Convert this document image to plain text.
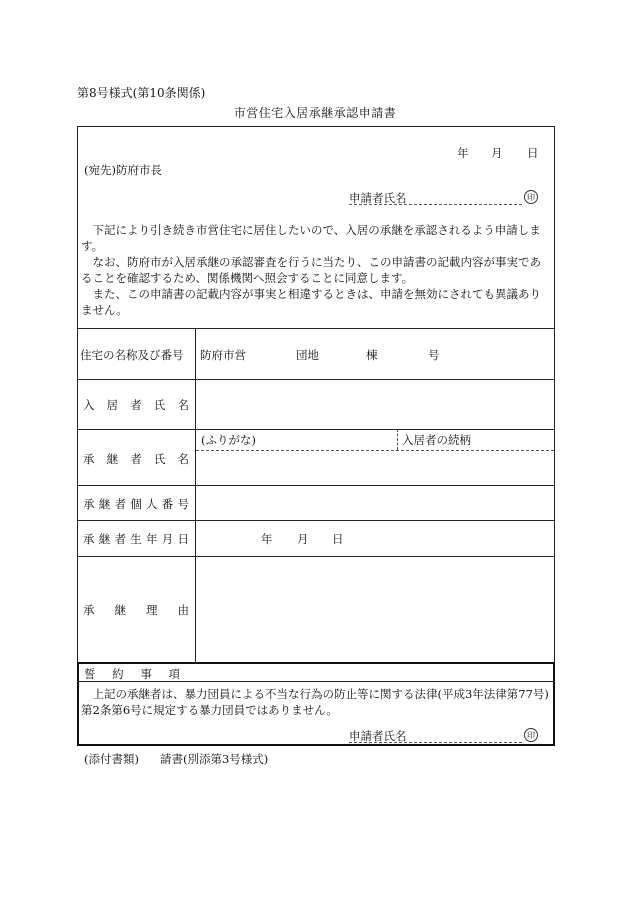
第8号様式(第10条関係)
市営住宅入居承継承認申請書
年 月 日
(宛先)防府市長
申請者氏名	印

下記により引き続き市営住宅に居住したいので、入居の承継を承認されるよう申請します。

なお、防府市が入居承継の承認審査を行うに当たり、この申請書の記載内容が事実であることを確認するため、関係機関へ照会することに同意します。

また、この申請書の記載内容が事実と相違するときは、申請を無効にされても異議ありません。

住宅の名称及び番号	防府市営	団地	棟	号
入 居 者 氏 名
承 継 者 氏 名
(ふりがな)	入居者の続柄
承 継 者 個 人 番 号
承 継 者 生 年 月 日	年 月 日
承 継 理 由
誓 約 事 項

上記の承継者は、暴力団員による不当な行為の防止等に関する法律(平成3年法律第77号)第2条第6号に規定する暴力団員ではありません。

申請者氏名	印
(添付書類) 請書(別添第3号様式)
